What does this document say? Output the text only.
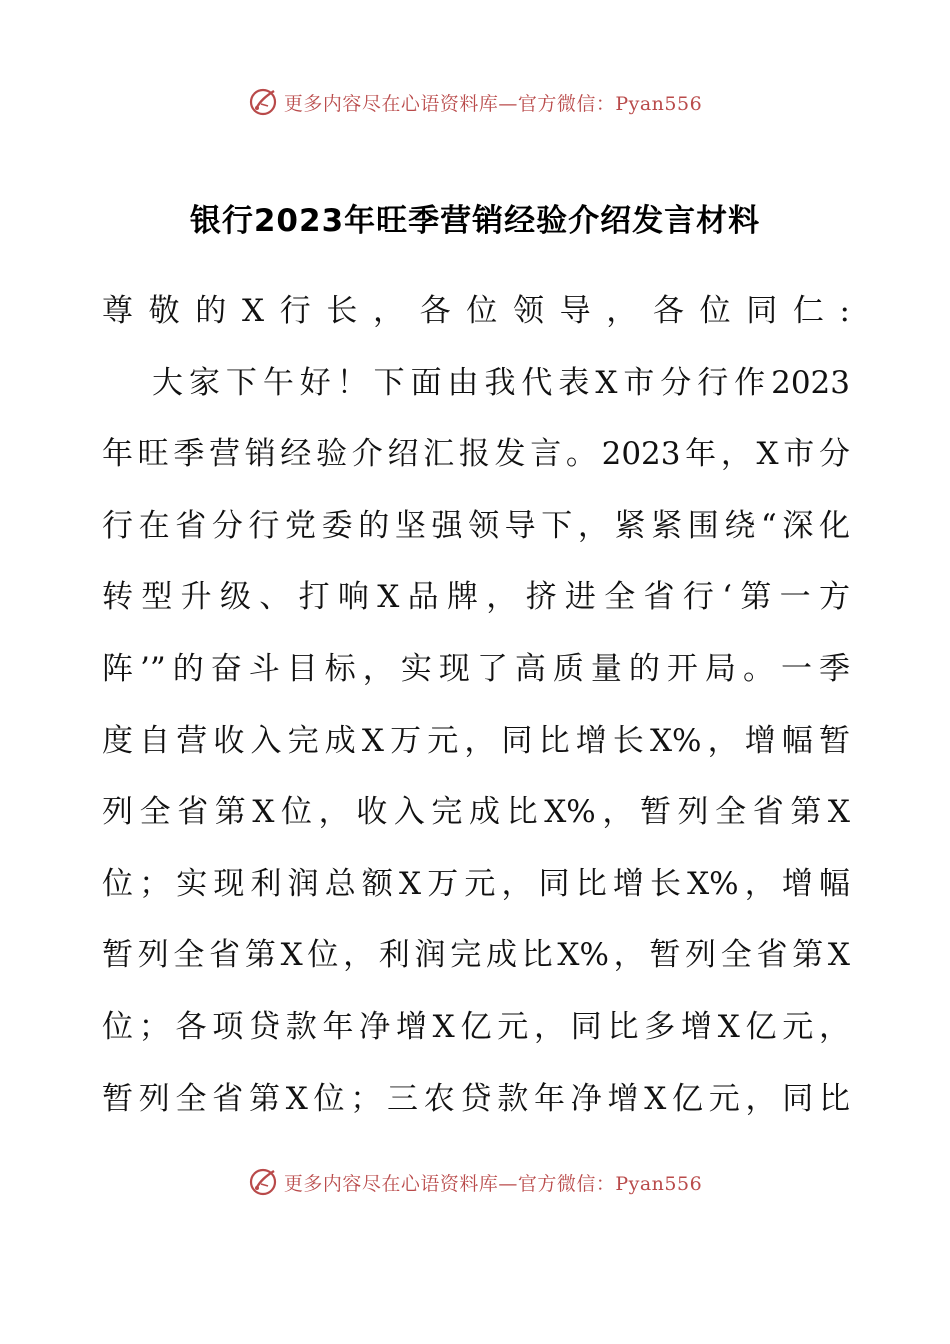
更多内容尽在心语资料库—官方微信：Pyan556
银行2023年旺季营销经验介绍发言材料
尊敬的X行长，各位领导，各位同仁:
大家下午好！下面由我代表X市分行作2023
年旺季营销经验介绍汇报发言。2023年，X市分
行在省分行党委的坚强领导下，紧紧围绕“深化
转型升级、打响X品牌，挤进全省行‘第一方
阵’”的奋斗目标，实现了高质量的开局。一季
度自营收入完成X万元，同比增长X%，增幅暂
列全省第X位，收入完成比X%，暂列全省第X
位；实现利润总额X万元，同比增长X%，增幅
暂列全省第X位，利润完成比X%，暂列全省第X
位；各项贷款年净增X亿元，同比多增X亿元，
暂列全省第X位；三农贷款年净增X亿元，同比
更多内容尽在心语资料库—官方微信：Pyan556
